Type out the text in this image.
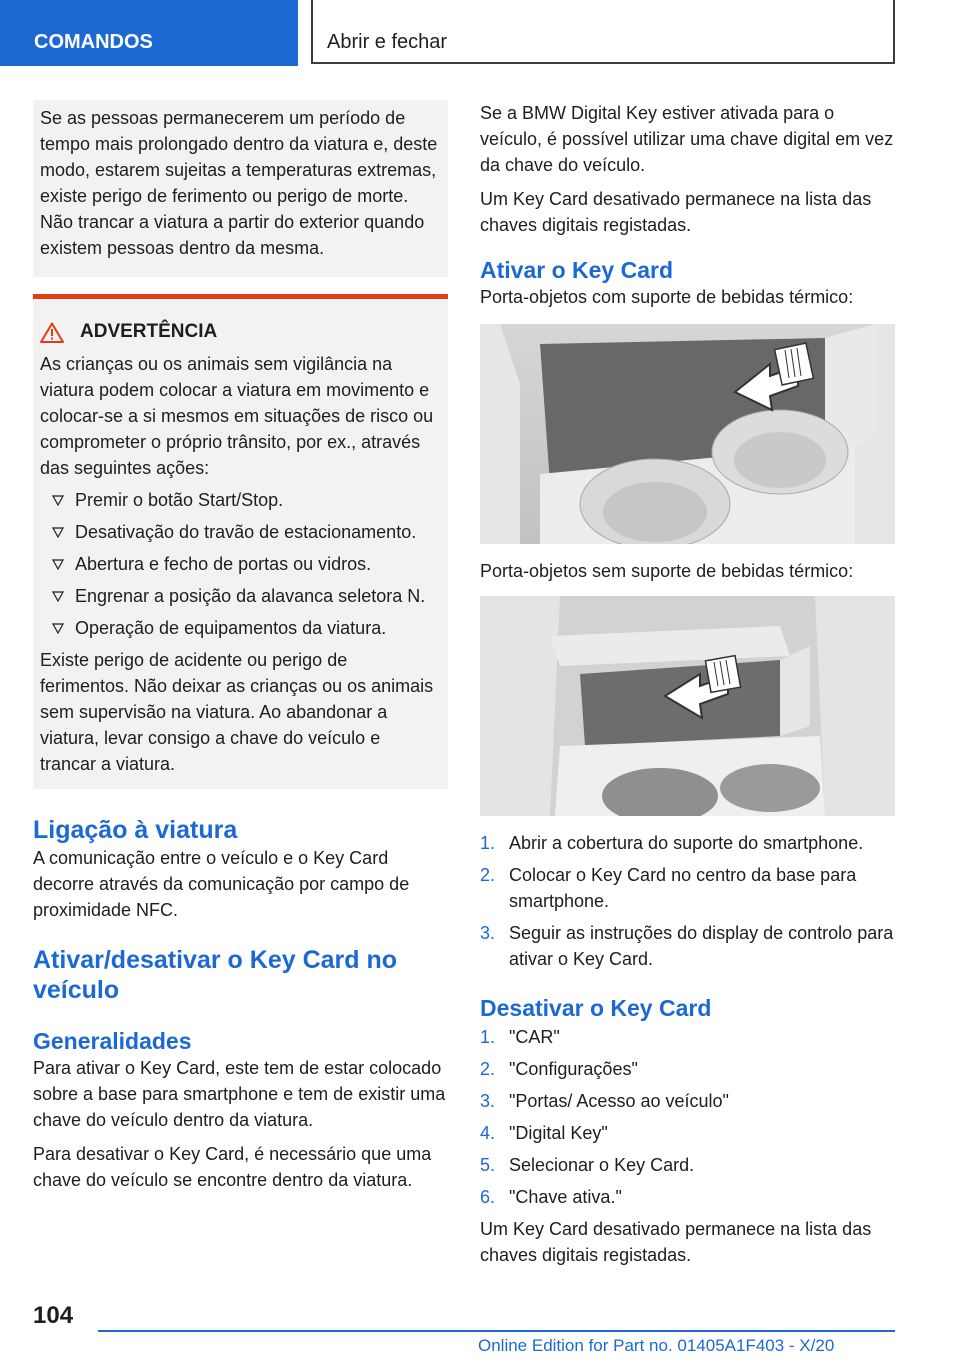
COMANDOS	Abrir e fechar

Se as pessoas permanecerem um período de tempo mais prolongado dentro da viatura e, deste modo, estarem sujeitas a temperaturas extremas, existe perigo de ferimento ou perigo de morte. Não trancar a viatura a partir do exterior quando existem pessoas dentro da mesma.

ADVERTÊNCIA

As crianças ou os animais sem vigilância na viatura podem colocar a viatura em movimento e colocar-se a si mesmos em situações de risco ou comprometer o próprio trânsito, por ex., através das seguintes ações:

Premir o botão Start/Stop.
Desativação do travão de estacionamento.
Abertura e fecho de portas ou vidros.
Engrenar a posição da alavanca seletora N.
Operação de equipamentos da viatura.

Existe perigo de acidente ou perigo de ferimentos. Não deixar as crianças ou os animais sem supervisão na viatura. Ao abandonar a viatura, levar consigo a chave do veículo e trancar a viatura.

Ligação à viatura

A comunicação entre o veículo e o Key Card decorre através da comunicação por campo de proximidade NFC.

Ativar/desativar o Key Card no veículo
Generalidades

Para ativar o Key Card, este tem de estar colocado sobre a base para smartphone e tem de existir uma chave do veículo dentro da viatura.

Para desativar o Key Card, é necessário que uma chave do veículo se encontre dentro da viatura.

Se a BMW Digital Key estiver ativada para o veículo, é possível utilizar uma chave digital em vez da chave do veículo.

Um Key Card desativado permanece na lista das chaves digitais registadas.

Ativar o Key Card

Porta-objetos com suporte de bebidas térmico:

Porta-objetos sem suporte de bebidas térmico:

1. Abrir a cobertura do suporte do smartphone.
2. Colocar o Key Card no centro da base para smartphone.
3. Seguir as instruções do display de controlo para ativar o Key Card.
Desativar o Key Card
1. "CAR"
2. "Configurações"
3. "Portas/ Acesso ao veículo"
4. "Digital Key"
5. Selecionar o Key Card.
6. "Chave ativa."

Um Key Card desativado permanece na lista das chaves digitais registadas.

104
Online Edition for Part no. 01405A1F403 - X/20
